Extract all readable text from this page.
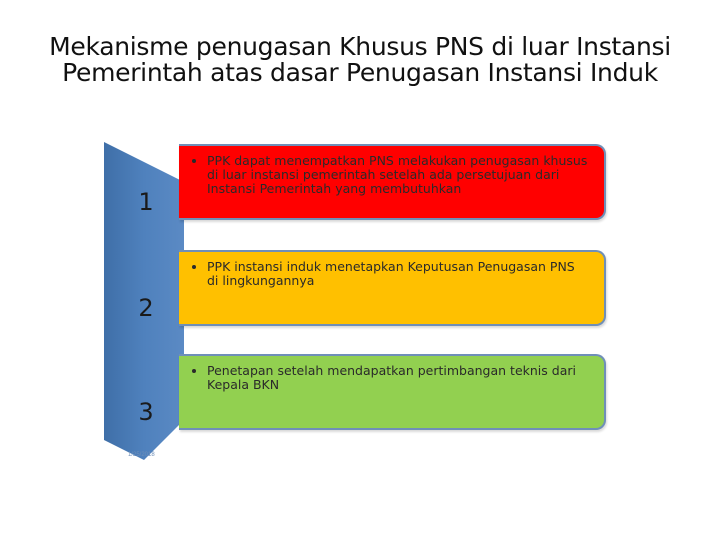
Mekanisme penugasan Khusus PNS di luar Instansi
Pemerintah atas dasar Penugasan Instansi Induk
1
2
3
• PPK dapat menempatkan PNS melakukan penugasan khusus di luar instansi pemerintah setelah ada persetujuan dari Instansi Pemerintah yang membutuhkan
• PPK instansi induk menetapkan Keputusan Penugasan PNS di lingkungannya
• Penetapan setelah mendapatkan pertimbangan teknis dari Kepala BKN
1/25/2018
